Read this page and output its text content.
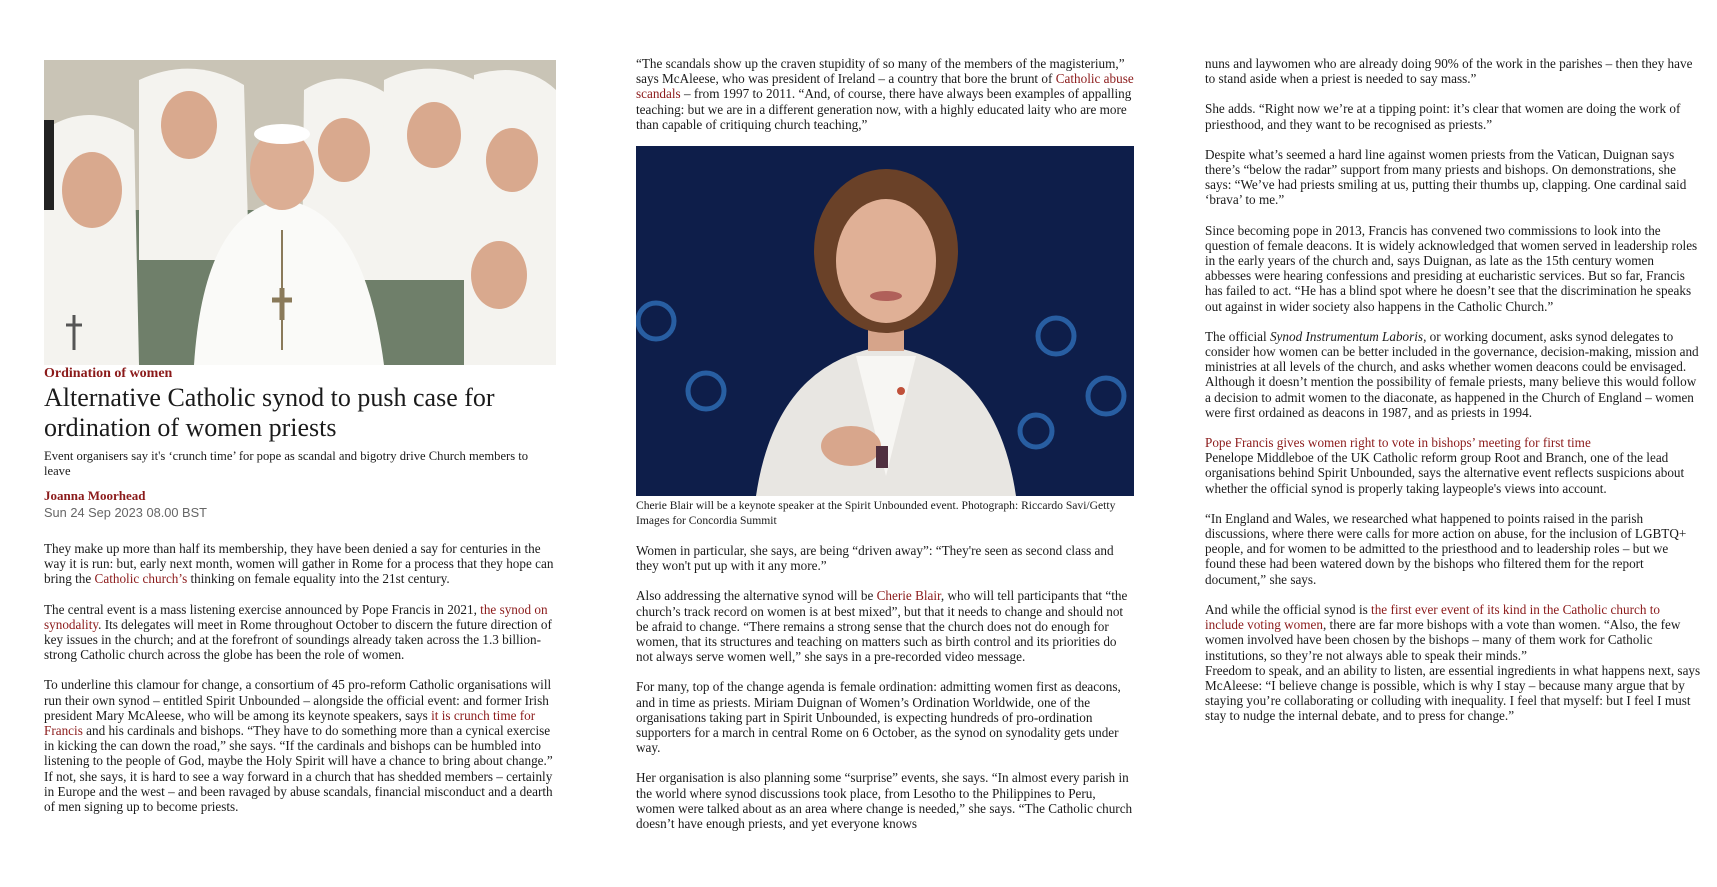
Ordination of women
Alternative Catholic synod to push case for ordination of women priests
Event organisers say it's ‘crunch time’ for pope as scandal and bigotry drive Church members to leave
Joanna Moorhead
Sun 24 Sep 2023 08.00 BST

They make up more than half its membership, they have been denied a say for centuries in the way it is run: but, early next month, women will gather in Rome for a process that they hope can bring the Catholic church’s thinking on female equality into the 21st century.

The central event is a mass listening exercise announced by Pope Francis in 2021, the synod on synodality. Its delegates will meet in Rome throughout October to discern the future direction of key issues in the church; and at the forefront of soundings already taken across the 1.3 billion-strong Catholic church across the globe has been the role of women.

To underline this clamour for change, a consortium of 45 pro-reform Catholic organisations will run their own synod – entitled Spirit Unbounded – alongside the official event: and former Irish president Mary McAleese, who will be among its keynote speakers, says it is crunch time for Francis and his cardinals and bishops. “They have to do something more than a cynical exercise in kicking the can down the road,” she says. “If the cardinals and bishops can be humbled into listening to the people of God, maybe the Holy Spirit will have a chance to bring about change.”

If not, she says, it is hard to see a way forward in a church that has shedded members – certainly in Europe and the west – and been ravaged by abuse scandals, financial misconduct and a dearth of men signing up to become priests.

“The scandals show up the craven stupidity of so many of the members of the magisterium,” says McAleese, who was president of Ireland – a country that bore the brunt of Catholic abuse scandals – from 1997 to 2011. “And, of course, there have always been examples of appalling teaching: but we are in a different generation now, with a highly educated laity who are more than capable of critiquing church teaching,”

Cherie Blair will be a keynote speaker at the Spirit Unbounded event. Photograph: Riccardo Savi/Getty Images for Concordia Summit

Women in particular, she says, are being “driven away”: “They're seen as second class and they won't put up with it any more.”

Also addressing the alternative synod will be Cherie Blair, who will tell participants that “the church’s track record on women is at best mixed”, but that it needs to change and should not be afraid to change. “There remains a strong sense that the church does not do enough for women, that its structures and teaching on matters such as birth control and its priorities do not always serve women well,” she says in a pre-recorded video message.

For many, top of the change agenda is female ordination: admitting women first as deacons, and in time as priests. Miriam Duignan of Women’s Ordination Worldwide, one of the organisations taking part in Spirit Unbounded, is expecting hundreds of pro-ordination supporters for a march in central Rome on 6 October, as the synod on synodality gets under way.

Her organisation is also planning some “surprise” events, she says. “In almost every parish in the world where synod discussions took place, from Lesotho to the Philippines to Peru, women were talked about as an area where change is needed,” she says. “The Catholic church doesn’t have enough priests, and yet everyone knows

nuns and laywomen who are already doing 90% of the work in the parishes – then they have to stand aside when a priest is needed to say mass.”

She adds. “Right now we’re at a tipping point: it’s clear that women are doing the work of priesthood, and they want to be recognised as priests.”

Despite what’s seemed a hard line against women priests from the Vatican, Duignan says there’s “below the radar” support from many priests and bishops. On demonstrations, she says: “We’ve had priests smiling at us, putting their thumbs up, clapping. One cardinal said ‘brava’ to me.”

Since becoming pope in 2013, Francis has convened two commissions to look into the question of female deacons. It is widely acknowledged that women served in leadership roles in the early years of the church and, says Duignan, as late as the 15th century women abbesses were hearing confessions and presiding at eucharistic services. But so far, Francis has failed to act. “He has a blind spot where he doesn’t see that the discrimination he speaks out against in wider society also happens in the Catholic Church.”

The official Synod Instrumentum Laboris, or working document, asks synod delegates to consider how women can be better included in the governance, decision-making, mission and ministries at all levels of the church, and asks whether women deacons could be envisaged. Although it doesn’t mention the possibility of female priests, many believe this would follow a decision to admit women to the diaconate, as happened in the Church of England – women were first ordained as deacons in 1987, and as priests in 1994.

Pope Francis gives women right to vote in bishops’ meeting for first time

Penelope Middleboe of the UK Catholic reform group Root and Branch, one of the lead organisations behind Spirit Unbounded, says the alternative event reflects suspicions about whether the official synod is properly taking laypeople's views into account.

“In England and Wales, we researched what happened to points raised in the parish discussions, where there were calls for more action on abuse, for the inclusion of LGBTQ+ people, and for women to be admitted to the priesthood and to leadership roles – but we found these had been watered down by the bishops who filtered them for the report document,” she says.

And while the official synod is the first ever event of its kind in the Catholic church to include voting women, there are far more bishops with a vote than women. “Also, the few women involved have been chosen by the bishops – many of them work for Catholic institutions, so they’re not always able to speak their minds.”

Freedom to speak, and an ability to listen, are essential ingredients in what happens next, says McAleese: “I believe change is possible, which is why I stay – because many argue that by staying you’re collaborating or colluding with inequality. I feel that myself: but I feel I must stay to nudge the internal debate, and to press for change.”
